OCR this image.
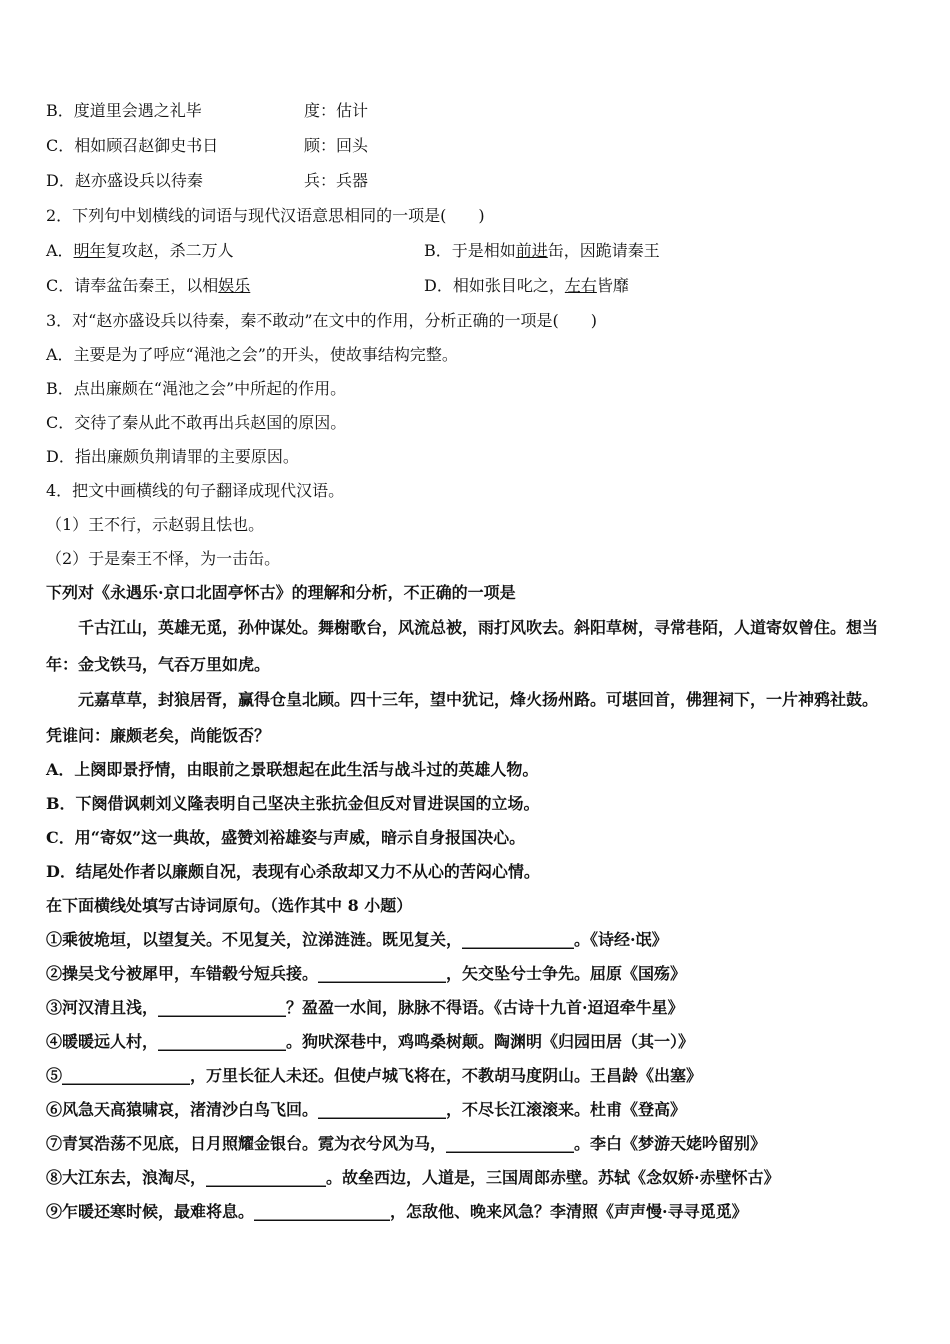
B．度道里会遇之礼毕	度：估计
C．相如顾召赵御史书日	顾：回头
D．赵亦盛设兵以待秦	兵：兵器
2．下列句中划横线的词语与现代汉语意思相同的一项是(　　)
A．明年复攻赵，杀二万人	B．于是相如前进缶，因跪请秦王
C．请奉盆缶秦王，以相娱乐	D．相如张目叱之，左右皆靡
3．对“赵亦盛设兵以待秦，秦不敢动”在文中的作用，分析正确的一项是(　　)
A．主要是为了呼应“渑池之会”的开头，使故事结构完整。
B．点出廉颇在“渑池之会”中所起的作用。
C．交待了秦从此不敢再出兵赵国的原因。
D．指出廉颇负荆请罪的主要原因。
4．把文中画横线的句子翻译成现代汉语。
（1）王不行，示赵弱且怯也。
（2）于是秦王不怿，为一击缶。
下列对《永遇乐·京口北固亭怀古》的理解和分析，不正确的一项是
千古江山，英雄无觅，孙仲谋处。舞榭歌台，风流总被，雨打风吹去。斜阳草树，寻常巷陌，人道寄奴曾住。想当
年：金戈铁马，气吞万里如虎。
元嘉草草，封狼居胥，赢得仓皇北顾。四十三年，望中犹记，烽火扬州路。可堪回首，佛狸祠下，一片神鸦社鼓。
凭谁问：廉颇老矣，尚能饭否？
A．上阕即景抒情，由眼前之景联想起在此生活与战斗过的英雄人物。
B．下阕借讽刺刘义隆表明自己坚决主张抗金但反对冒进误国的立场。
C．用“寄奴”这一典故，盛赞刘裕雄姿与声威，暗示自身报国决心。
D．结尾处作者以廉颇自况，表现有心杀敌却又力不从心的苦闷心情。
在下面横线处填写古诗词原句。（选作其中 8 小题）
①乘彼垝垣，以望复关。不见复关，泣涕涟涟。既见复关，______________。《诗经·氓》
②操吴戈兮被犀甲，车错毂兮短兵接。________________，矢交坠兮士争先。屈原《国殇》
③河汉清且浅，________________？盈盈一水间，脉脉不得语。《古诗十九首·迢迢牵牛星》
④暖暖远人村，________________。狗吠深巷中，鸡鸣桑树颠。陶渊明《归园田居（其一）》
⑤________________，万里长征人未还。但使卢城飞将在，不教胡马度阴山。王昌龄《出塞》
⑥风急天高猿啸哀，渚清沙白鸟飞回。________________，不尽长江滚滚来。杜甫《登高》
⑦青冥浩荡不见底，日月照耀金银台。霓为衣兮风为马，________________。李白《梦游天姥吟留别》
⑧大江东去，浪淘尽，_______________。故垒西边，人道是，三国周郎赤壁。苏轼《念奴娇·赤壁怀古》
⑨乍暖还寒时候，最难将息。_________________，怎敌他、晚来风急？李清照《声声慢·寻寻觅觅》
